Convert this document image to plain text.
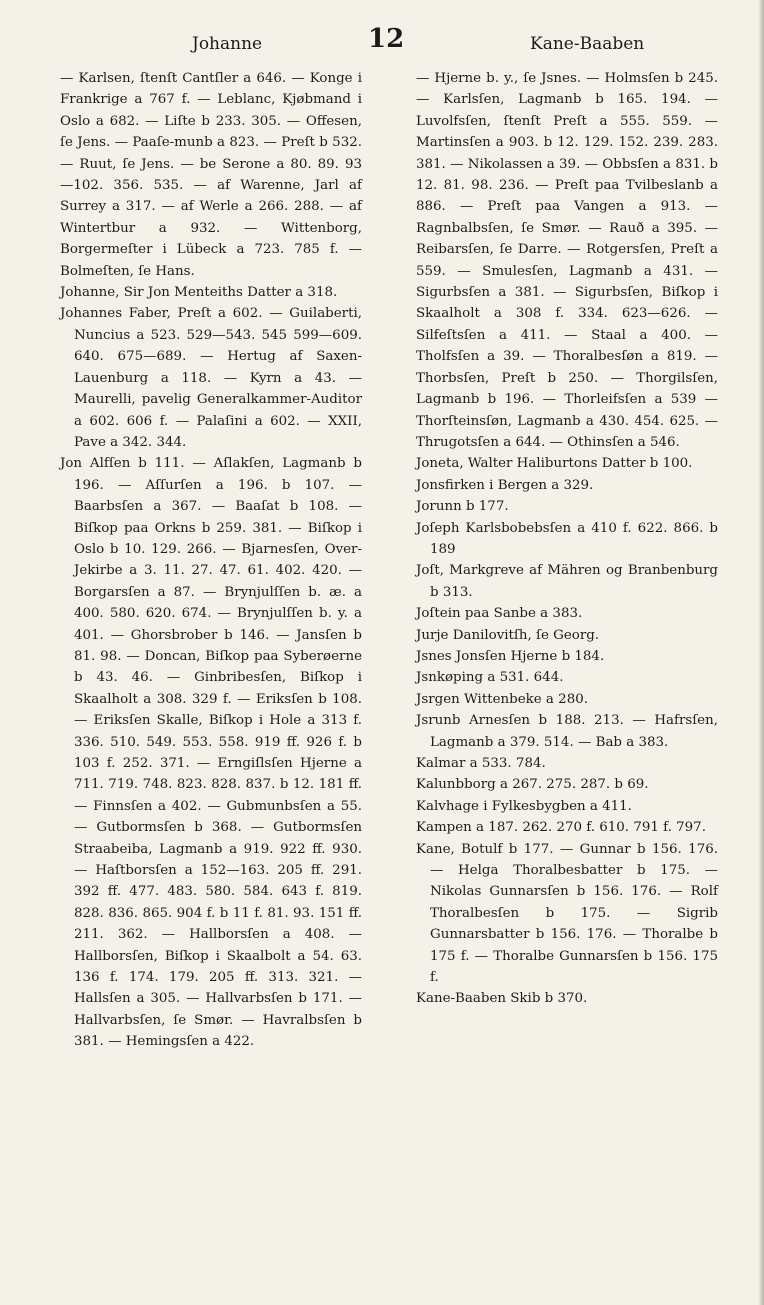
Johanne	12	Kane-Baaben

— Karlsen, ſtenſt Cantſler a 646. — Konge i Frankrige a 767 f. — Leblanc, Kjøbmand i Oslo a 682. — Liſte b 233. 305. — Offesen, ſe Jens. — Paaſe-munb a 823. — Preſt b 532. — Ruut, ſe Jens. — be Serone a 80. 89. 93 —102. 356. 535. — af Warenne, Jarl af Surrey a 317. — af Werle a 266. 288. — af Wintertbur a 932. — Wittenborg, Borgermeſter i Lübeck a 723. 785 f. — Bolmeſten, ſe Hans.

Johanne, Sir Jon Menteiths Datter a 318.

Johannes Faber, Preſt a 602. — Guilaberti, Nuncius a 523. 529—543. 545 599—609. 640. 675—689. — Hertug af Saxen-Lauenburg a 118. — Kyrn a 43. — Maurelli, pavelig Generalkammer-Auditor a 602. 606 f. — Palaſini a 602. — XXII, Pave a 342. 344.

Jon Alfſen b 111. — Aſlakſen, Lagmanb b 196. — Aſſurſen a 196. b 107. — Baarbsſen a 367. — Baaſat b 108. — Biſkop paa Orkns b 259. 381. — Biſkop i Oslo b 10. 129. 266. — Bjarnesſen, Over-Jekirbe a 3. 11. 27. 47. 61. 402. 420. — Borgarsſen a 87. — Brynjulſſen b. æ. a 400. 580. 620. 674. — Brynjulſſen b. y. a 401. — Ghorsbrober b 146. — Jansſen b 81. 98. — Doncan, Biſkop paa Syberøerne b 43. 46. — Ginbribesſen, Biſkop i Skaalholt a 308. 329 f. — Eriksſen b 108. — Eriksſen Skalle, Biſkop i Hole a 313 f. 336. 510. 549. 553. 558. 919 ff. 926 f. b 103 f. 252. 371. — Erngiſlsſen Hjerne a 711. 719. 748. 823. 828. 837. b 12. 181 ff. — Finnsſen a 402. — Gubmunbsſen a 55. — Gutbormsſen b 368. — Gutbormsſen Straabeiba, Lagmanb a 919. 922 ff. 930. — Haſtborsſen a 152—163. 205 ff. 291. 392 ff. 477. 483. 580. 584. 643 f. 819. 828. 836. 865. 904 f. b 11 f. 81. 93. 151 ff. 211. 362. — Hallborsſen a 408. — Hallborsſen, Biſkop i Skaalbolt a 54. 63. 136 f. 174. 179. 205 ff. 313. 321. — Hallsſen a 305. — Hallvarbsſen b 171. — Hallvarbsſen, ſe Smør. — Havralbsſen b 381. — Hemingsſen a 422.

— Hjerne b. y., ſe Jsnes. — Holmsſen b 245. — Karlsſen, Lagmanb b 165. 194. — Luvolfsſen, ſtenſt Preſt a 555. 559. — Martinsſen a 903. b 12. 129. 152. 239. 283. 381. — Nikolassen a 39. — Obbsſen a 831. b 12. 81. 98. 236. — Preſt paa Tvilbeslanb a 886. — Preſt paa Vangen a 913. — Ragnbalbsſen, ſe Smør. — Rauð a 395. — Reibarsſen, ſe Darre. — Rotgersſen, Preſt a 559. — Smulesſen, Lagmanb a 431. — Sigurbsſen a 381. — Sigurbsſen, Biſkop i Skaalholt a 308 f. 334. 623—626. — Silfeſtsſen a 411. — Staal a 400. — Tholfsſen a 39. — Thoralbesſøn a 819. — Thorbsſen, Preſt b 250. — Thorgilsſen, Lagmanb b 196. — Thorleifsſen a 539 — Thorſteinsſøn, Lagmanb a 430. 454. 625. — Thrugotsſen a 644. — Othinsſen a 546.

Joneta, Walter Haliburtons Datter b 100.

Jonsfirken i Bergen a 329.

Jorunn b 177.

Joſeph Karlsbobebsſen a 410 f. 622. 866. b 189

Joſt, Markgreve af Mähren og Branbenburg b 313.

Joſtein paa Sanbe a 383.

Jurje Danilovitſh, ſe Georg.

Jsnes Jonsſen Hjerne b 184.

Jsnkøping a 531. 644.

Jsrgen Wittenbeke a 280.

Jsrunb Arnesſen b 188. 213. — Hafrsſen, Lagmanb a 379. 514. — Bab a 383.

Kalmar a 533. 784.

Kalunbborg a 267. 275. 287. b 69.

Kalvhage i Fylkesbygben a 411.

Kampen a 187. 262. 270 f. 610. 791 f. 797.

Kane, Botulf b 177. — Gunnar b 156. 176. — Helga Thoralbesbatter b 175. — Nikolas Gunnarsſen b 156. 176. — Rolf Thoralbesſen b 175. — Sigrib Gunnarsbatter b 156. 176. — Thoralbe b 175 f. — Thoralbe Gunnarsſen b 156. 175 f.

Kane-Baaben Skib b 370.
